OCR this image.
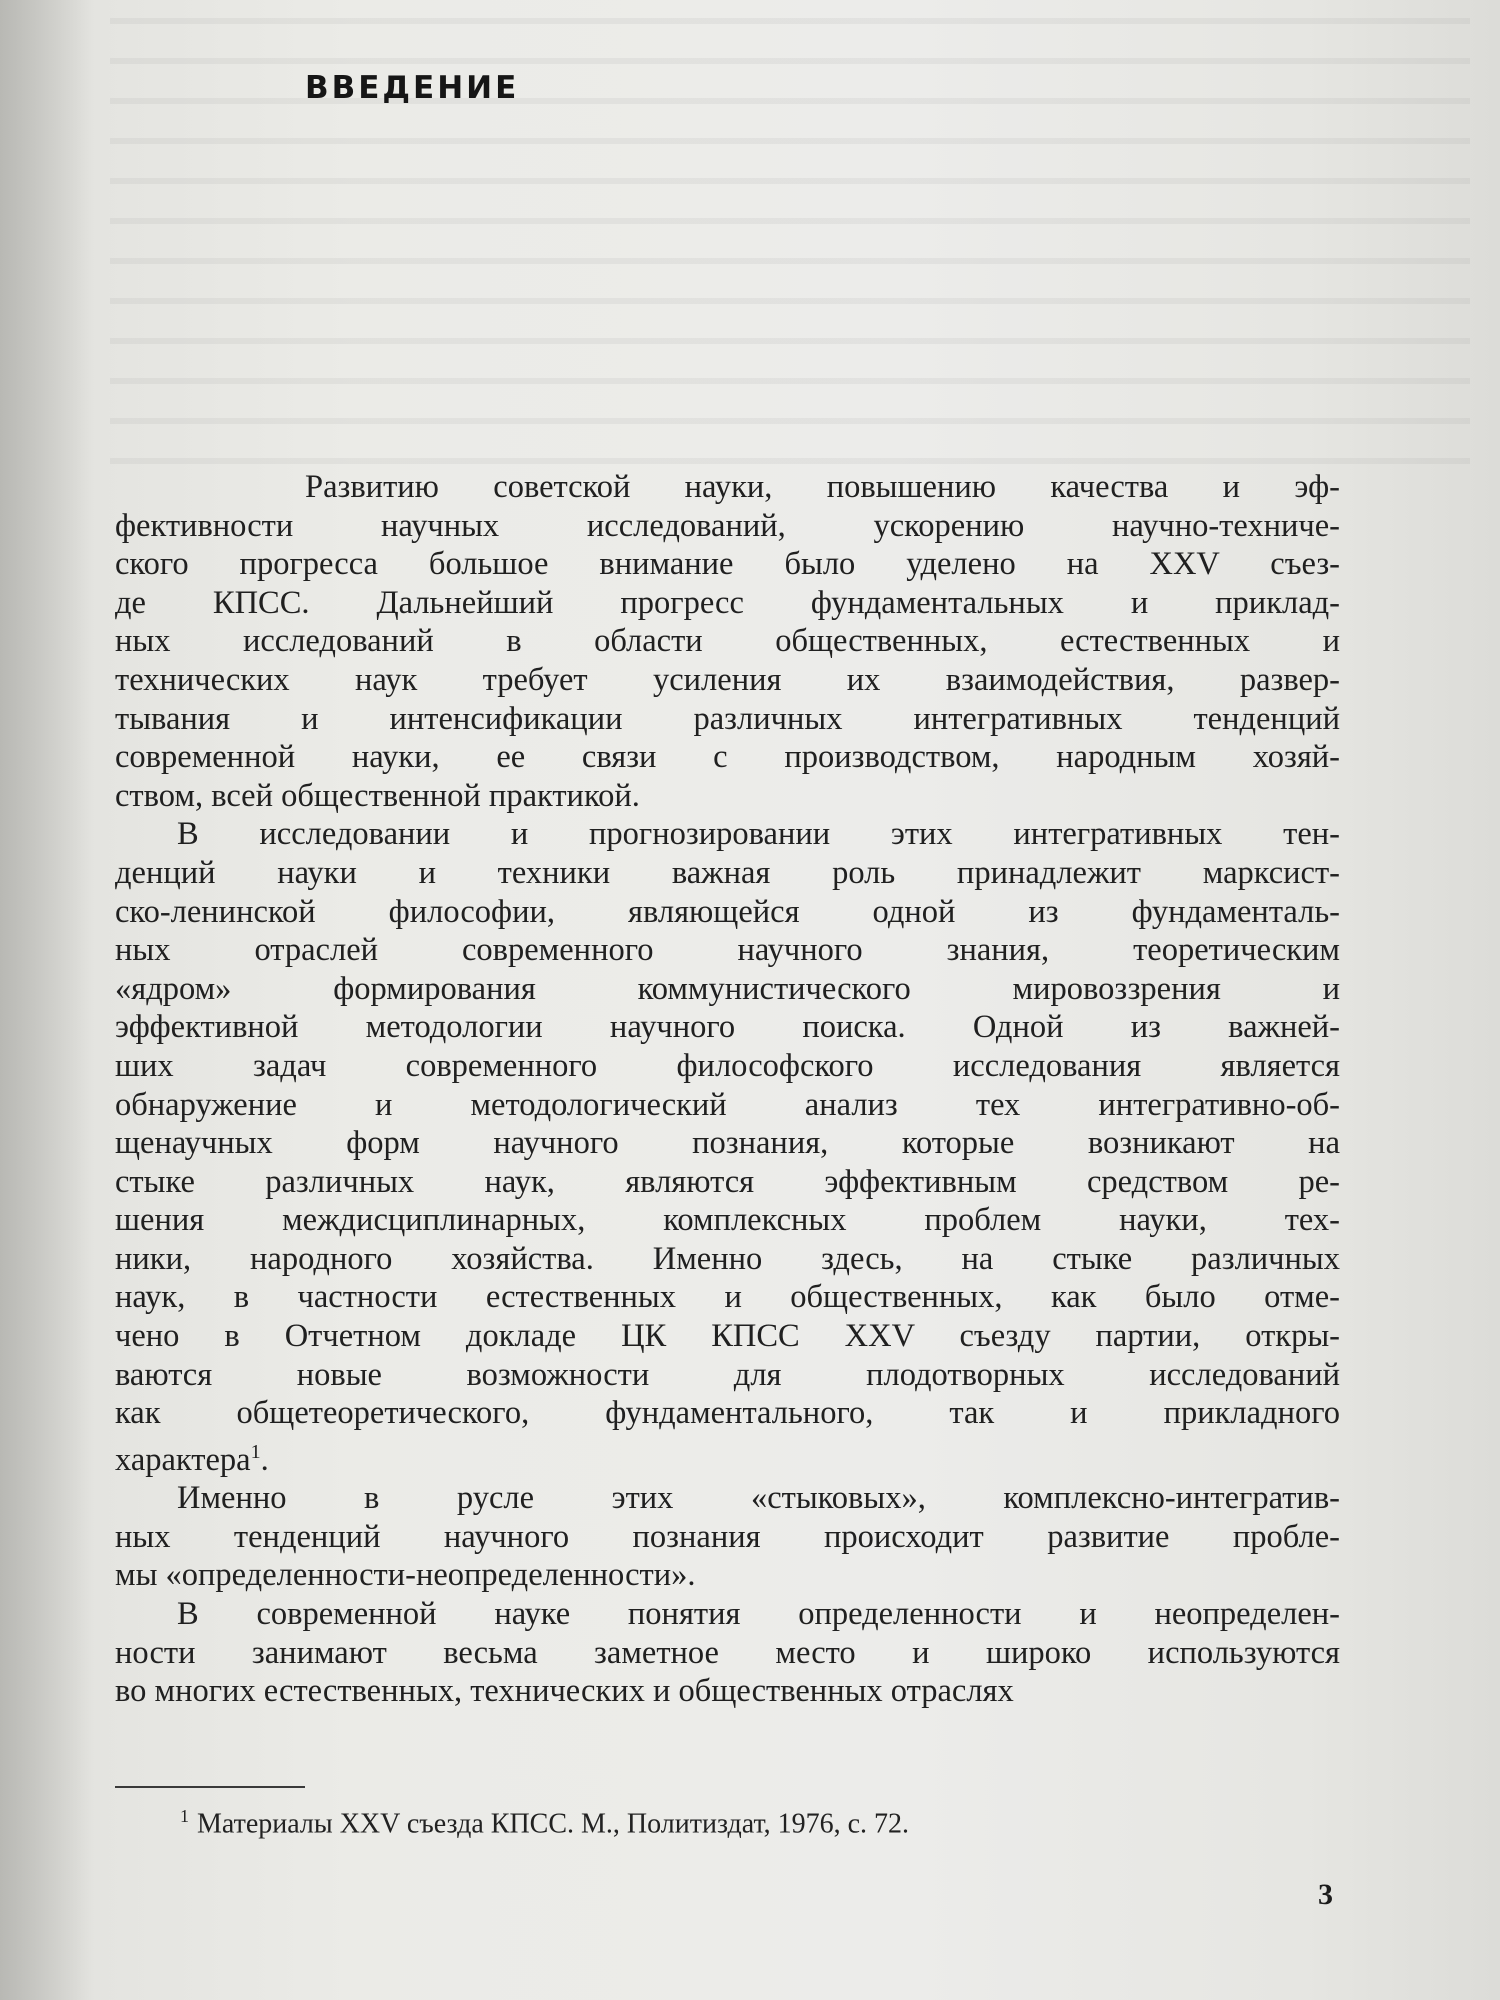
ВВЕДЕНИЕ

Развитию советской науки, повышению качества и эф-

фективности научных исследований, ускорению научно-техниче-

ского прогресса большое внимание было уделено на XXV съез-

де КПСС. Дальнейший прогресс фундаментальных и приклад-

ных исследований в области общественных, естественных и

технических наук требует усиления их взаимодействия, развер-

тывания и интенсификации различных интегративных тенденций

современной науки, ее связи с производством, народным хозяй-

ством, всей общественной практикой.

В исследовании и прогнозировании этих интегративных тен-

денций науки и техники важная роль принадлежит марксист-

ско-ленинской философии, являющейся одной из фундаменталь-

ных отраслей современного научного знания, теоретическим

«ядром» формирования коммунистического мировоззрения и

эффективной методологии научного поиска. Одной из важней-

ших задач современного философского исследования является

обнаружение и методологический анализ тех интегративно-об-

щенаучных форм научного познания, которые возникают на

стыке различных наук, являются эффективным средством ре-

шения междисциплинарных, комплексных проблем науки, тех-

ники, народного хозяйства. Именно здесь, на стыке различных

наук, в частности естественных и общественных, как было отме-

чено в Отчетном докладе ЦК КПСС XXV съезду партии, откры-

ваются новые возможности для плодотворных исследований

как общетеоретического, фундаментального, так и прикладного

характера$^1$.

Именно в русле этих «стыковых», комплексно-интегратив-

ных тенденций научного познания происходит развитие пробле-

мы «определенности-неопределенности».

В современной науке понятия определенности и неопределен-

ности занимают весьма заметное место и широко используются

во многих естественных, технических и общественных отраслях

$^1$ Материалы XXV съезда КПСС. М., Политиздат, 1976, с. 72.

3
